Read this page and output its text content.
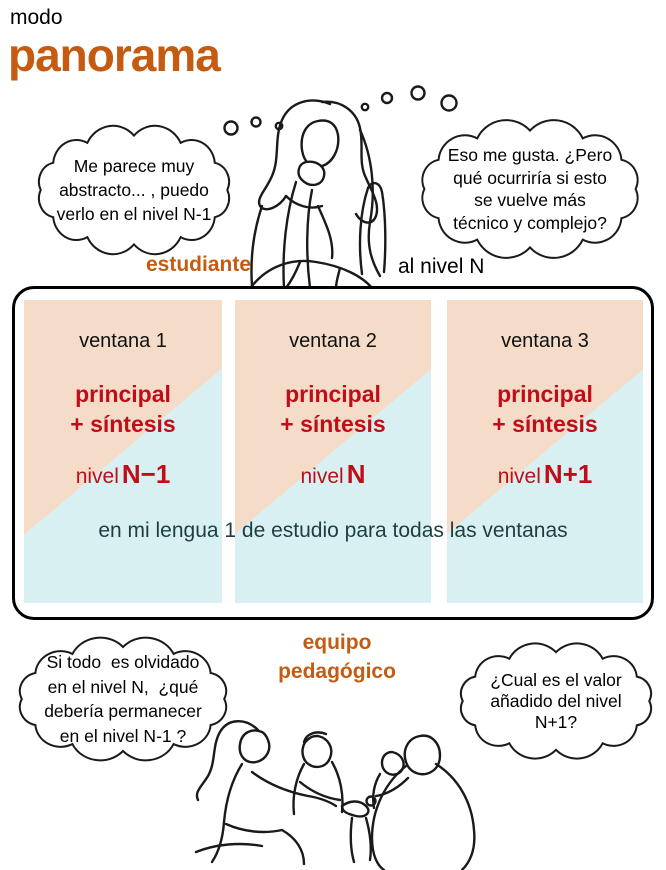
modo
panorama
estudiante	al nivel N
equipo
pedagógico
ventana 1
principal
+ síntesis
nivel N−1
ventana 2
principal
+ síntesis
nivel N
ventana 3
principal
+ síntesis
nivel N+1
en mi lengua 1 de estudio para todas las ventanas
Me parece muy
abstracto... , puedo
verlo en el nivel N-1
Eso me gusta. ¿Pero
qué ocurriría si esto
se vuelve más
técnico y complejo?
Si todo  es olvidado
en el nivel N,  ¿qué
debería permanecer
en el nivel N-1 ?
¿Cual es el valor
añadido del nivel
N+1?
